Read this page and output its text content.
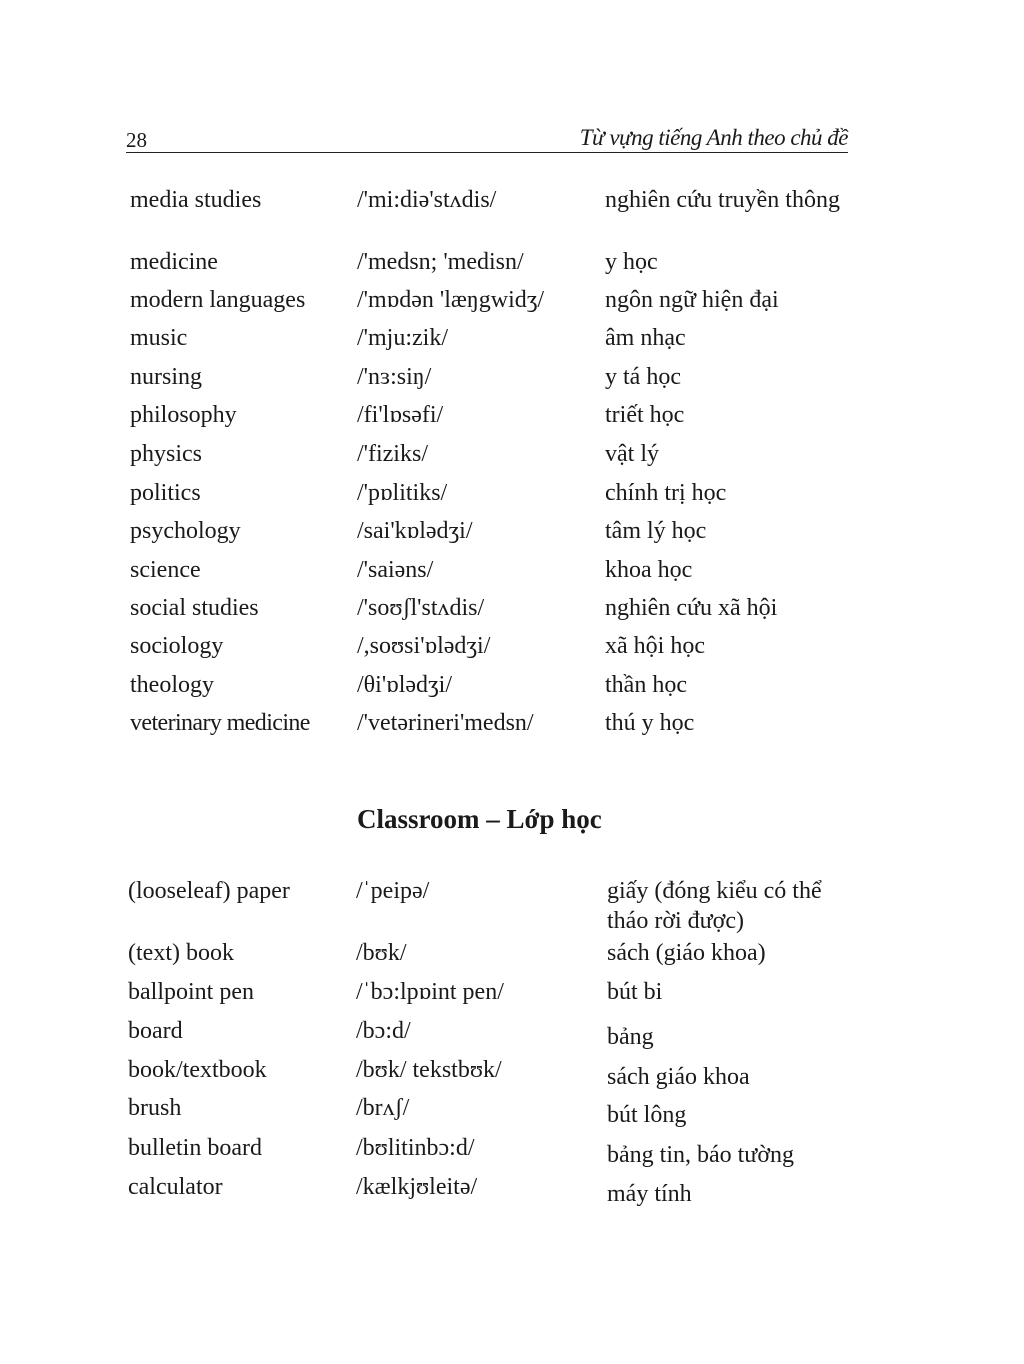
28	Từ vựng tiếng Anh theo chủ đề
media studies	/'mi:diə'stʌdis/	nghiên cứu truyền thông
medicine	/'medsn; 'medisn/	y học
modern languages	/'mɒdən 'læŋgwidʒ/	ngôn ngữ hiện đại
music	/'mju:zik/	âm nhạc
nursing	/'nɜ:siŋ/	y tá học
philosophy	/fi'lɒsəfi/	triết học
physics	/'fiziks/	vật lý
politics	/'pɒlitiks/	chính trị học
psychology	/sai'kɒlədʒi/	tâm lý học
science	/'saiəns/	khoa học
social studies	/'soʊʃl'stʌdis/	nghiên cứu xã hội
sociology	/,soʊsi'ɒlədʒi/	xã hội học
theology	/θi'ɒlədʒi/	thần học
veterinary medicine	/'vetərineri'medsn/	thú y học
Classroom – Lớp học
(looseleaf) paper	/ˈpeipə/	giấy (đóng kiểu có thể tháo rời được)
(text) book	/bʊk/	sách (giáo khoa)
ballpoint pen	/ˈbɔ:lpɒint pen/	bút bi
board	/bɔ:d/	bảng
book/textbook	/bʊk/ tekstbʊk/	sách giáo khoa
brush	/brʌʃ/	bút lông
bulletin board	/bʊlitinbɔ:d/	bảng tin, báo tường
calculator	/kælkjʊleitə/	máy tính
